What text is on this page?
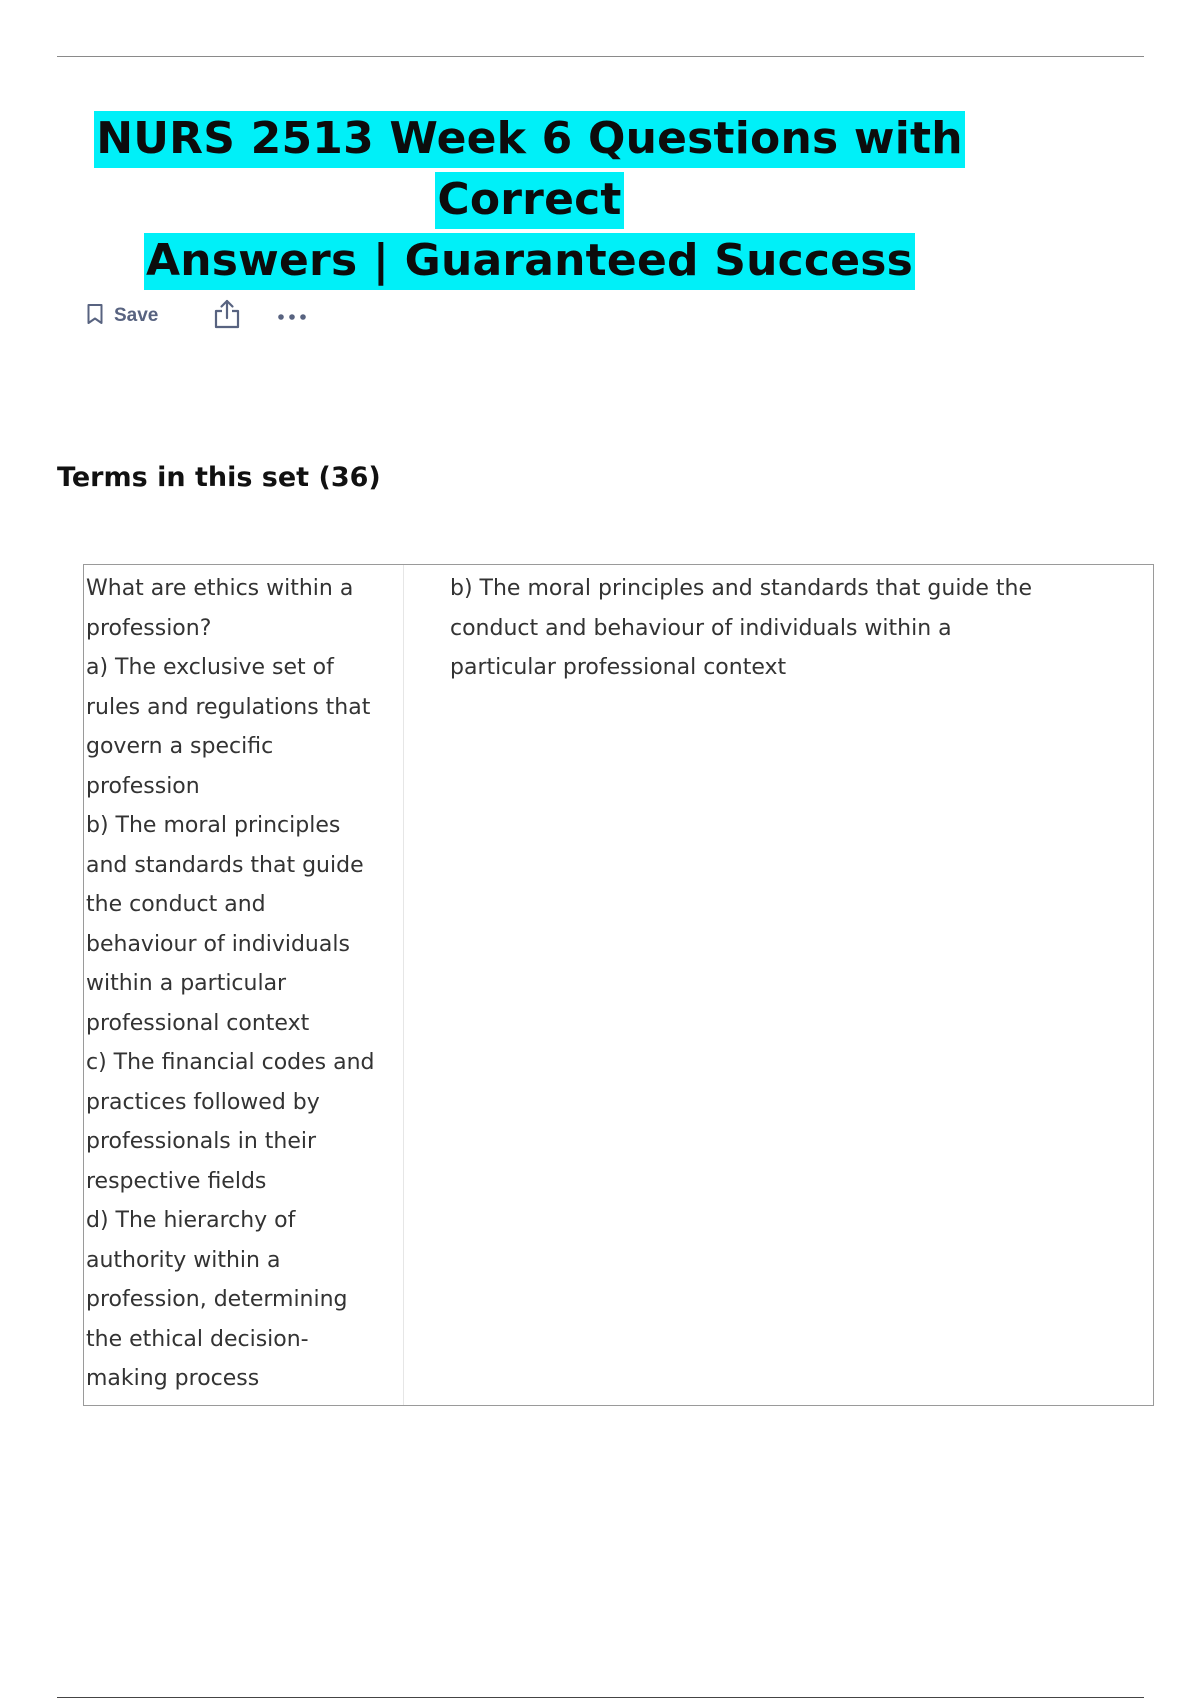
NURS 2513 Week 6 Questions with Correct
Answers | Guaranteed Success
Save
Terms in this set (36)
What are ethics within a
profession?
a) The exclusive set of
rules and regulations that
govern a specific
profession
b) The moral principles
and standards that guide
the conduct and
behaviour of individuals
within a particular
professional context
c) The financial codes and
practices followed by
professionals in their
respective fields
d) The hierarchy of
authority within a
profession, determining
the ethical decision-
making process
b) The moral principles and standards that guide the
conduct and behaviour of individuals within a
particular professional context
